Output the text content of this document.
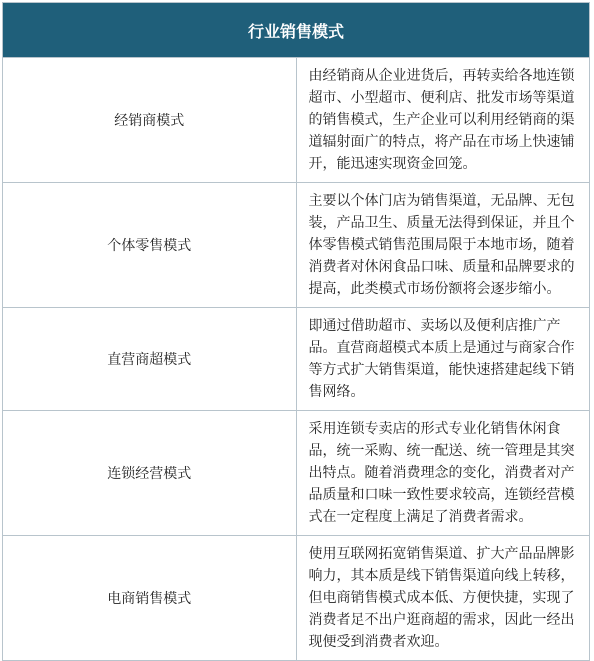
行业销售模式	
经销商模式	由经销商从企业进货后，再转卖给各地连锁超市、小型超市、便利店、批发市场等渠道的销售模式，生产企业可以利用经销商的渠道辐射面广的特点，将产品在市场上快速铺开，能迅速实现资金回笼。
个体零售模式	主要以个体门店为销售渠道，无品牌、无包装，产品卫生、质量无法得到保证，并且个体零售模式销售范围局限于本地市场，随着消费者对休闲食品口味、质量和品牌要求的提高，此类模式市场份额将会逐步缩小。
直营商超模式	即通过借助超市、卖场以及便利店推广产品。直营商超模式本质上是通过与商家合作等方式扩大销售渠道，能快速搭建起线下销售网络。
连锁经营模式	采用连锁专卖店的形式专业化销售休闲食品，统一采购、统一配送、统一管理是其突出特点。随着消费理念的变化，消费者对产品质量和口味一致性要求较高，连锁经营模式在一定程度上满足了消费者需求。
电商销售模式	使用互联网拓宽销售渠道、扩大产品品牌影响力，其本质是线下销售渠道向线上转移，但电商销售模式成本低、方便快捷，实现了消费者足不出户逛商超的需求，因此一经出现便受到消费者欢迎。
